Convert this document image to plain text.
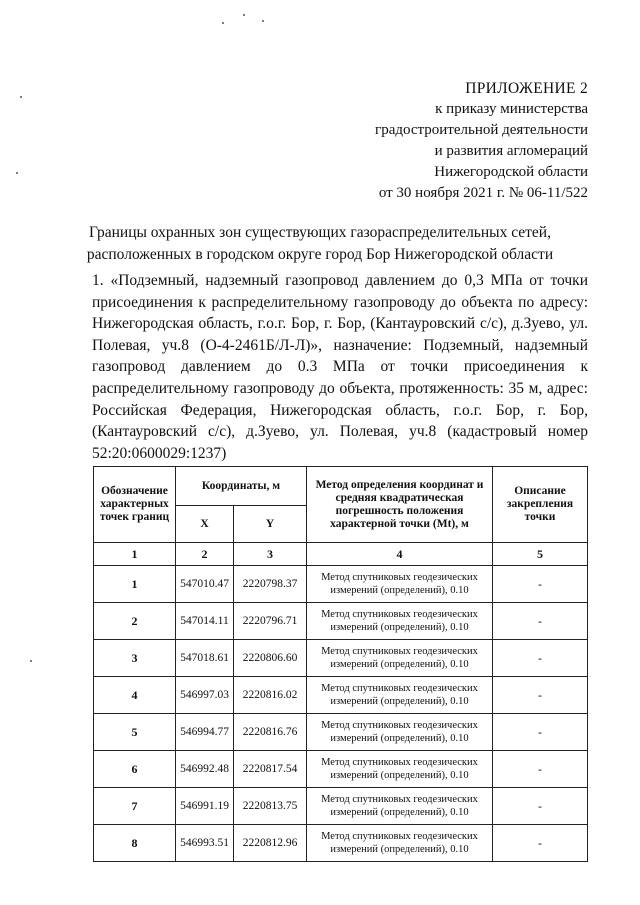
ПРИЛОЖЕНИЕ 2
к приказу министерства
градостроительной деятельности
и развития агломераций
Нижегородской области
от 30 ноября 2021 г. № 06-11/522
Границы охранных зон существующих газораспределительных сетей,
расположенных в городском округе город Бор Нижегородской области
1. «Подземный, надземный газопровод давлением до 0,3 МПа от точки присоединения к распределительному газопроводу до объекта по адресу: Нижегородская область, г.о.г. Бор, г. Бор, (Кантауровский с/с), д.Зуево, ул. Полевая, уч.8 (О-4-2461Б/Л-Л)», назначение: Подземный, надземный газопровод давлением до 0.3 МПа от точки присоединения к распределительному газопроводу до объекта, протяженность: 35 м, адрес: Российская Федерация, Нижегородская область, г.о.г. Бор, г. Бор, (Кантауровский с/с), д.Зуево, ул. Полевая, уч.8 (кадастровый номер 52:20:0600029:1237)
Обозначение характерных точек границ	Координаты, м		Метод определения координат и средняя квадратическая погрешность положения характерной точки (Mt), м	Описание закрепления точки
	X	Y		
1	2	3	4	5
1	547010.47	2220798.37	Метод спутниковых геодезических измерений (определений), 0.10	-
2	547014.11	2220796.71	Метод спутниковых геодезических измерений (определений), 0.10	-
3	547018.61	2220806.60	Метод спутниковых геодезических измерений (определений), 0.10	-
4	546997.03	2220816.02	Метод спутниковых геодезических измерений (определений), 0.10	-
5	546994.77	2220816.76	Метод спутниковых геодезических измерений (определений), 0.10	-
6	546992.48	2220817.54	Метод спутниковых геодезических измерений (определений), 0.10	-
7	546991.19	2220813.75	Метод спутниковых геодезических измерений (определений), 0.10	-
8	546993.51	2220812.96	Метод спутниковых геодезических измерений (определений), 0.10	-
